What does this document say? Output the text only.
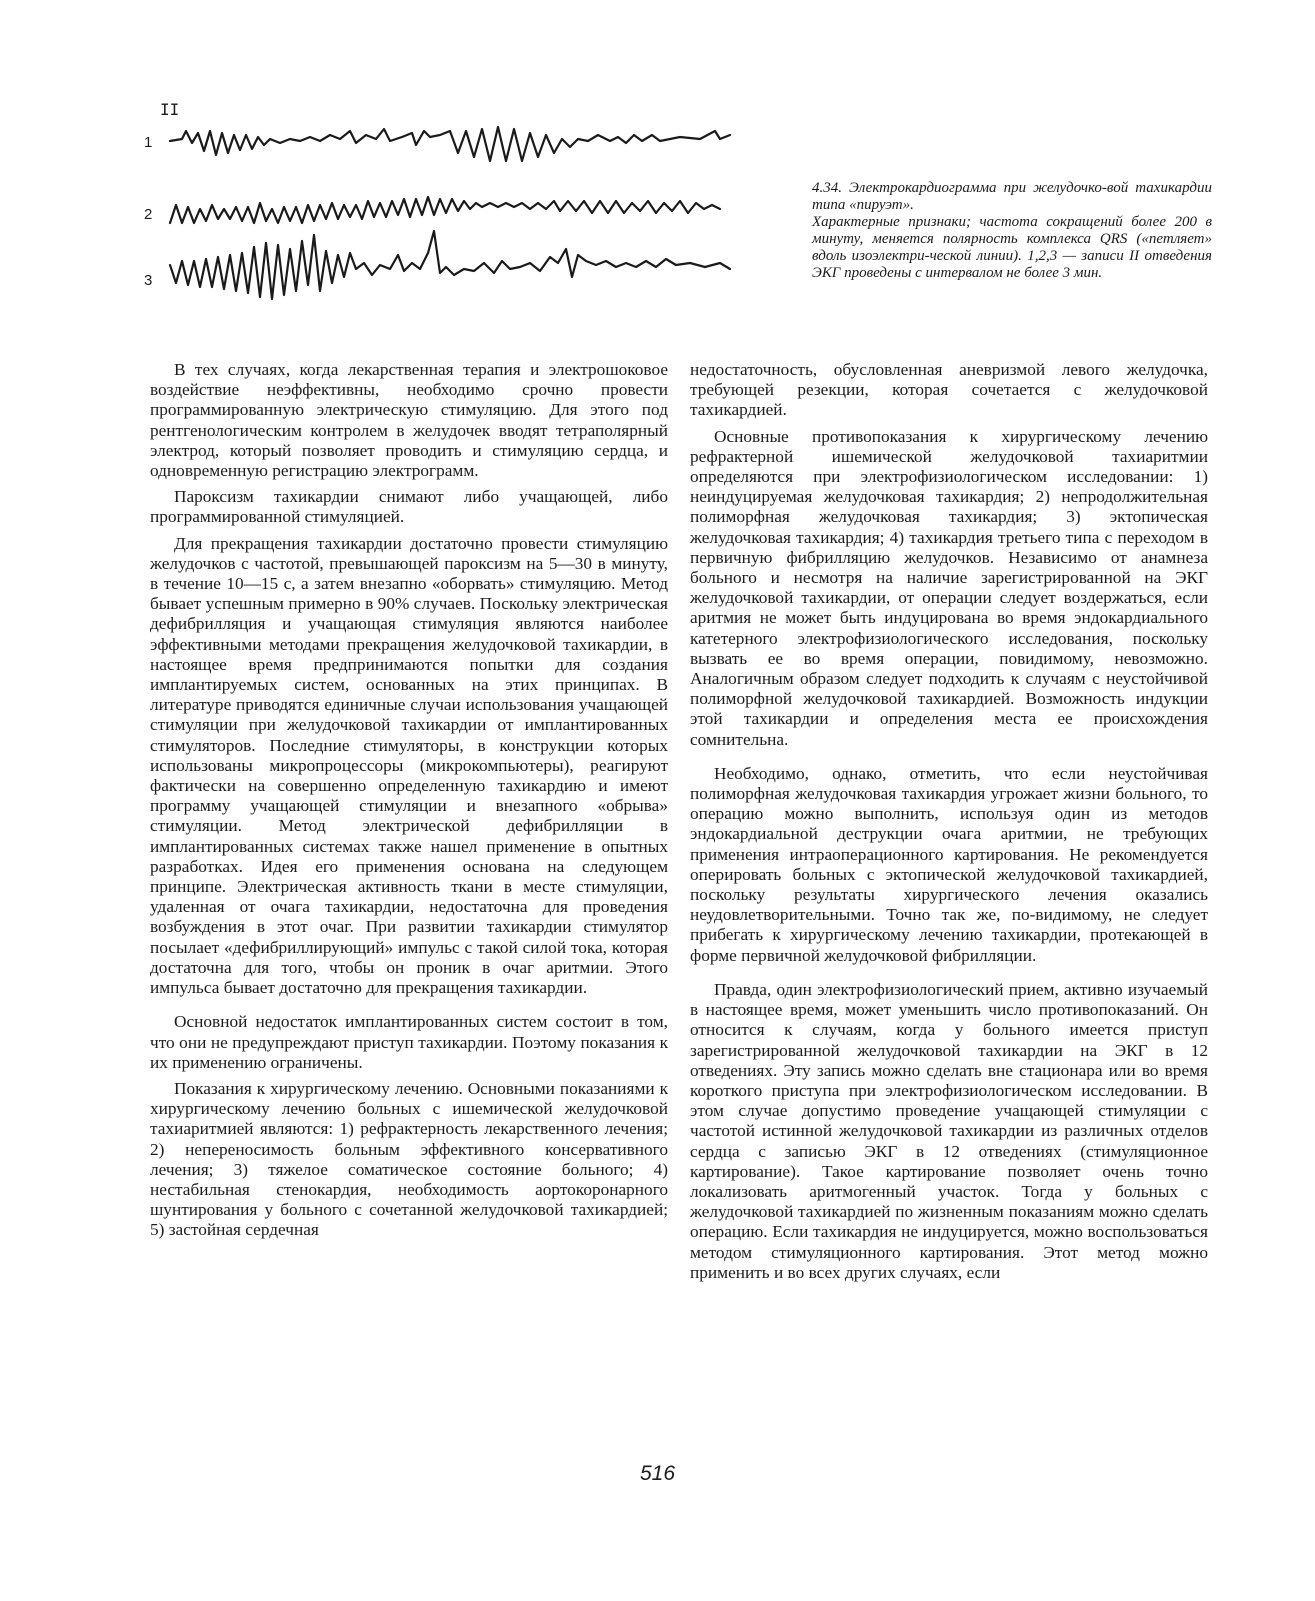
II
1
2
3

4.34. Электрокардиограмма при желудочко-вой тахикардии типа «пируэт».

Характерные признаки; частота сокращений более 200 в минуту, меняется полярность комплекса QRS («петляет» вдоль изоэлектри-ческой линии). 1,2,3 — записи II отведения ЭКГ проведены с интервалом не более 3 мин.

В тех случаях, когда лекарственная терапия и электрошоковое воздействие неэффективны, необходимо срочно провести программированную электрическую стимуляцию. Для этого под рентгенологическим контролем в желудочек вводят тетраполярный электрод, который позволяет проводить и стимуляцию сердца, и одновременную регистрацию электрограмм.

Пароксизм тахикардии снимают либо учащающей, либо программированной стимуляцией.

Для прекращения тахикардии достаточно провести стимуляцию желудочков с частотой, превышающей пароксизм на 5—30 в минуту, в течение 10—15 с, а затем внезапно «оборвать» стимуляцию. Метод бывает успешным примерно в 90% случаев. Поскольку электрическая дефибрилляция и учащающая стимуляция являются наиболее эффективными методами прекращения желудочковой тахикардии, в настоящее время предпринимаются попытки для создания имплантируемых систем, основанных на этих принципах. В литературе приводятся единичные случаи использования учащающей стимуляции при желудочковой тахикардии от имплантированных стимуляторов. Последние стимуляторы, в конструкции которых использованы микропроцессоры (микрокомпьютеры), реагируют фактически на совершенно определенную тахикардию и имеют программу учащающей стимуляции и внезапного «обрыва» стимуляции. Метод электрической дефибрилляции в имплантированных системах также нашел применение в опытных разработках. Идея его применения основана на следующем принципе. Электрическая активность ткани в месте стимуляции, удаленная от очага тахикардии, недостаточна для проведения возбуждения в этот очаг. При развитии тахикардии стимулятор посылает «дефибриллирующий» импульс с такой силой тока, которая достаточна для того, чтобы он проник в очаг аритмии. Этого импульса бывает достаточно для прекращения тахикардии.

Основной недостаток имплантированных систем состоит в том, что они не предупреждают приступ тахикардии. Поэтому показания к их применению ограничены.

Показания к хирургическому лечению. Основными показаниями к хирургическому лечению больных с ишемической желудочковой тахиаритмией являются: 1) рефрактерность лекарственного лечения; 2) непереносимость больным эффективного консервативного лечения; 3) тяжелое соматическое состояние больного; 4) нестабильная стенокардия, необходимость аортокоронарного шунтирования у больного с сочетанной желудочковой тахикардией; 5) застойная сердечная

недостаточность, обусловленная аневризмой левого желудочка, требующей резекции, которая сочетается с желудочковой тахикардией.

Основные противопоказания к хирургическому лечению рефрактерной ишемической желудочковой тахиаритмии определяются при электрофизиологическом исследовании: 1) неиндуцируемая желудочковая тахикардия; 2) непродолжительная полиморфная желудочковая тахикардия; 3) эктопическая желудочковая тахикардия; 4) тахикардия третьего типа с переходом в первичную фибрилляцию желудочков. Независимо от анамнеза больного и несмотря на наличие зарегистрированной на ЭКГ желудочковой тахикардии, от операции следует воздержаться, если аритмия не может быть индуцирована во время эндокардиального катетерного электрофизиологического исследования, поскольку вызвать ее во время операции, повидимому, невозможно. Аналогичным образом следует подходить к случаям с неустойчивой полиморфной желудочковой тахикардией. Возможность индукции этой тахикардии и определения места ее происхождения сомнительна.

Необходимо, однако, отметить, что если неустойчивая полиморфная желудочковая тахикардия угрожает жизни больного, то операцию можно выполнить, используя один из методов эндокардиальной деструкции очага аритмии, не требующих применения интраоперационного картирования. Не рекомендуется оперировать больных с эктопической желудочковой тахикардией, поскольку результаты хирургического лечения оказались неудовлетворительными. Точно так же, по-видимому, не следует прибегать к хирургическому лечению тахикардии, протекающей в форме первичной желудочковой фибрилляции.

Правда, один электрофизиологический прием, активно изучаемый в настоящее время, может уменьшить число противопоказаний. Он относится к случаям, когда у больного имеется приступ зарегистрированной желудочковой тахикардии на ЭКГ в 12 отведениях. Эту запись можно сделать вне стационара или во время короткого приступа при электрофизиологическом исследовании. В этом случае допустимо проведение учащающей стимуляции с частотой истинной желудочковой тахикардии из различных отделов сердца с записью ЭКГ в 12 отведениях (стимуляционное картирование). Такое картирование позволяет очень точно локализовать аритмогенный участок. Тогда у больных с желудочковой тахикардией по жизненным показаниям можно сделать операцию. Если тахикардия не индуцируется, можно воспользоваться методом стимуляционного картирования. Этот метод можно применить и во всех других случаях, если

516
